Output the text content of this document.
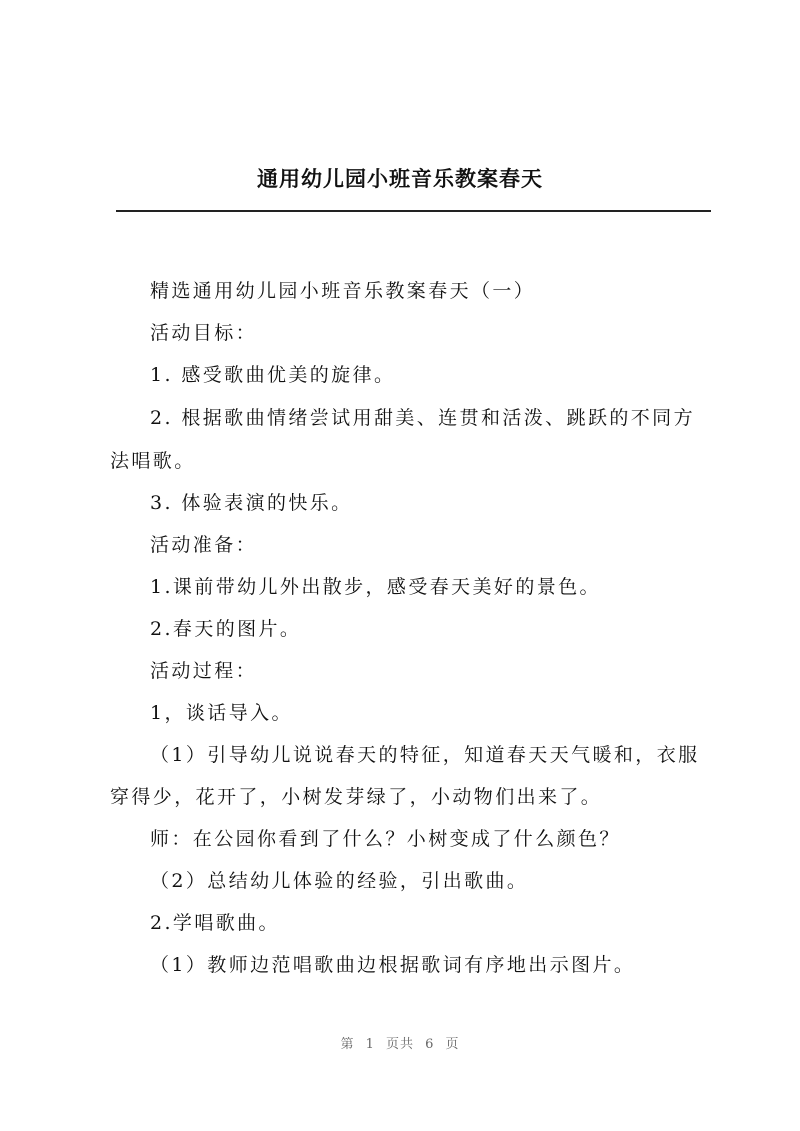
通用幼儿园小班音乐教案春天
精选通用幼儿园小班音乐教案春天（一）
活动目标：
1. 感受歌曲优美的旋律。
2. 根据歌曲情绪尝试用甜美、连贯和活泼、跳跃的不同方
法唱歌。
3. 体验表演的快乐。
活动准备：
1.课前带幼儿外出散步，感受春天美好的景色。
2.春天的图片。
活动过程：
1，谈话导入。
（1）引导幼儿说说春天的特征，知道春天天气暖和，衣服
穿得少，花开了，小树发芽绿了，小动物们出来了。
师：在公园你看到了什么？小树变成了什么颜色？
（2）总结幼儿体验的经验，引出歌曲。
2.学唱歌曲。
（1）教师边范唱歌曲边根据歌词有序地出示图片。
第 1 页共 6 页
